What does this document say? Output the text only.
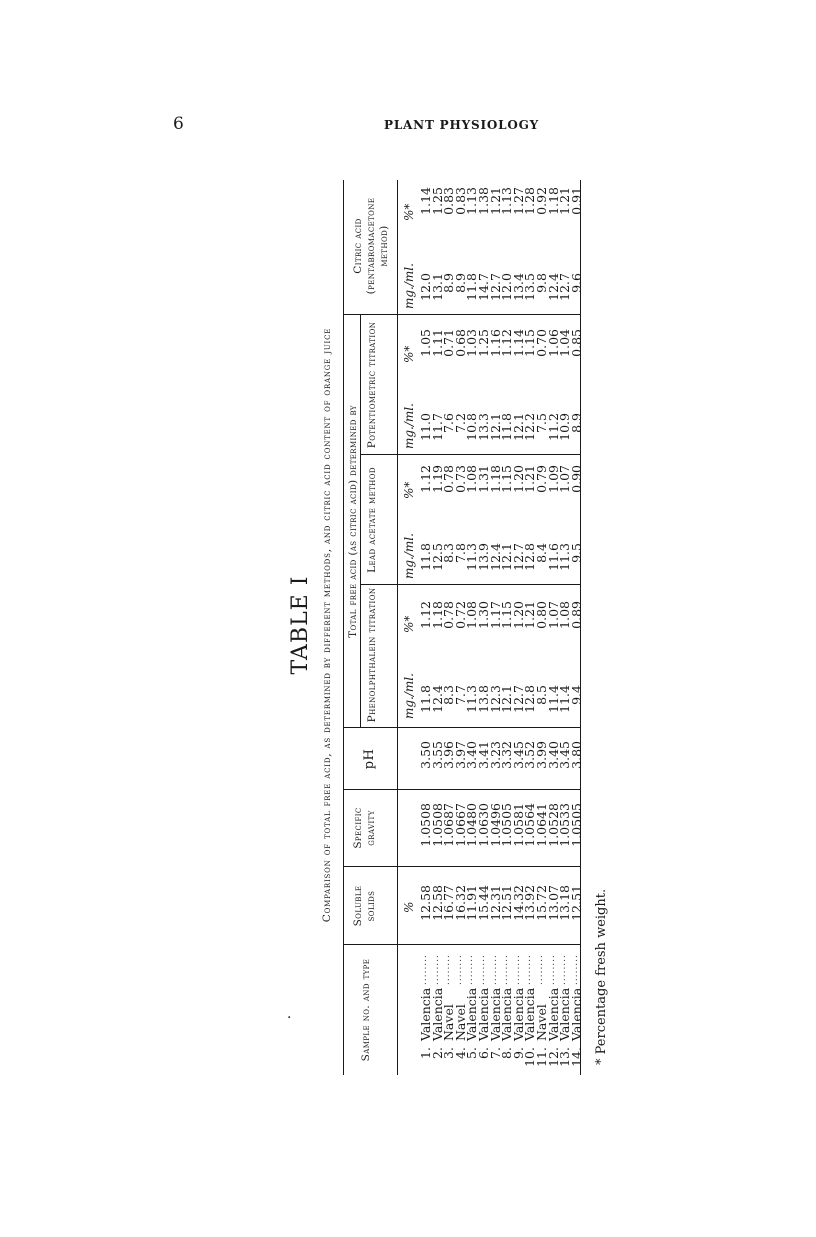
6	PLANT PHYSIOLOGY
·
TABLE I Comparison of total free acid, as determined by different methods, and citric acid content of orange juice
Sample no. and type
Soluble solids
Specific gravity
pH
Total free acid (as citric acid) determined by
Phenolphthalein titration
Lead acetate method
Potentiometric titration
Citric acid (pentabromacetone method)
%
mg./ml.
%*
mg./ml.
%*
mg./ml.
%*
mg./ml.
%*
1.
Valencia
12.58
1.0508
3.50
11.8
1.12
11.8
1.12
11.0
1.05
12.0
1.14
........
2.
Valencia
12.58
1.0508
3.55
12.4
1.18
12.5
1.19
11.7
1.11
13.1
1.25
........
3.
Navel
16.77
1.0687
3.96
8.3
0.78
8.3
0.78
7.6
0.71
8.9
0.83
........
4.
Navel
16.32
1.0667
3.97
7.7
0.72
7.8
0.73
7.2
0.68
8.9
0.83
........
5.
Valencia
11.91
1.0480
3.40
11.3
1.08
11.3
1.08
10.8
1.03
11.8
1.13
........
6.
Valencia
15.44
1.0630
3.41
13.8
1.30
13.9
1.31
13.3
1.25
14.7
1.38
........
7.
Valencia
12.31
1.0496
3.23
12.3
1.17
12.4
1.18
12.1
1.16
12.7
1.21
........
8.
Valencia
12.51
1.0505
3.32
12.1
1.15
12.1
1.15
11.8
1.12
12.0
1.13
........
9.
Valencia
14.32
1.0581
3.45
12.7
1.20
12.7
1.20
12.1
1.14
13.4
1.27
........
10.
Valencia
13.92
1.0564
3.52
12.8
1.21
12.8
1.21
12.2
1.15
13.5
1.28
........
11.
Navel
15.72
1.0641
3.99
8.5
0.80
8.4
0.79
7.5
0.70
9.8
0.92
........
12.
Valencia
13.07
1.0528
3.40
11.4
1.07
11.6
1.09
11.2
1.06
12.4
1.18
........
13.
Valencia
13.18
1.0533
3.45
11.4
1.08
11.3
1.07
10.9
1.04
12.7
1.21
........
14.
Valencia
12.51
1.0505
3.80
9.4
0.89
9.5
0.90
8.9
0.85
9.6
0.91
........ * Percentage fresh weight.
